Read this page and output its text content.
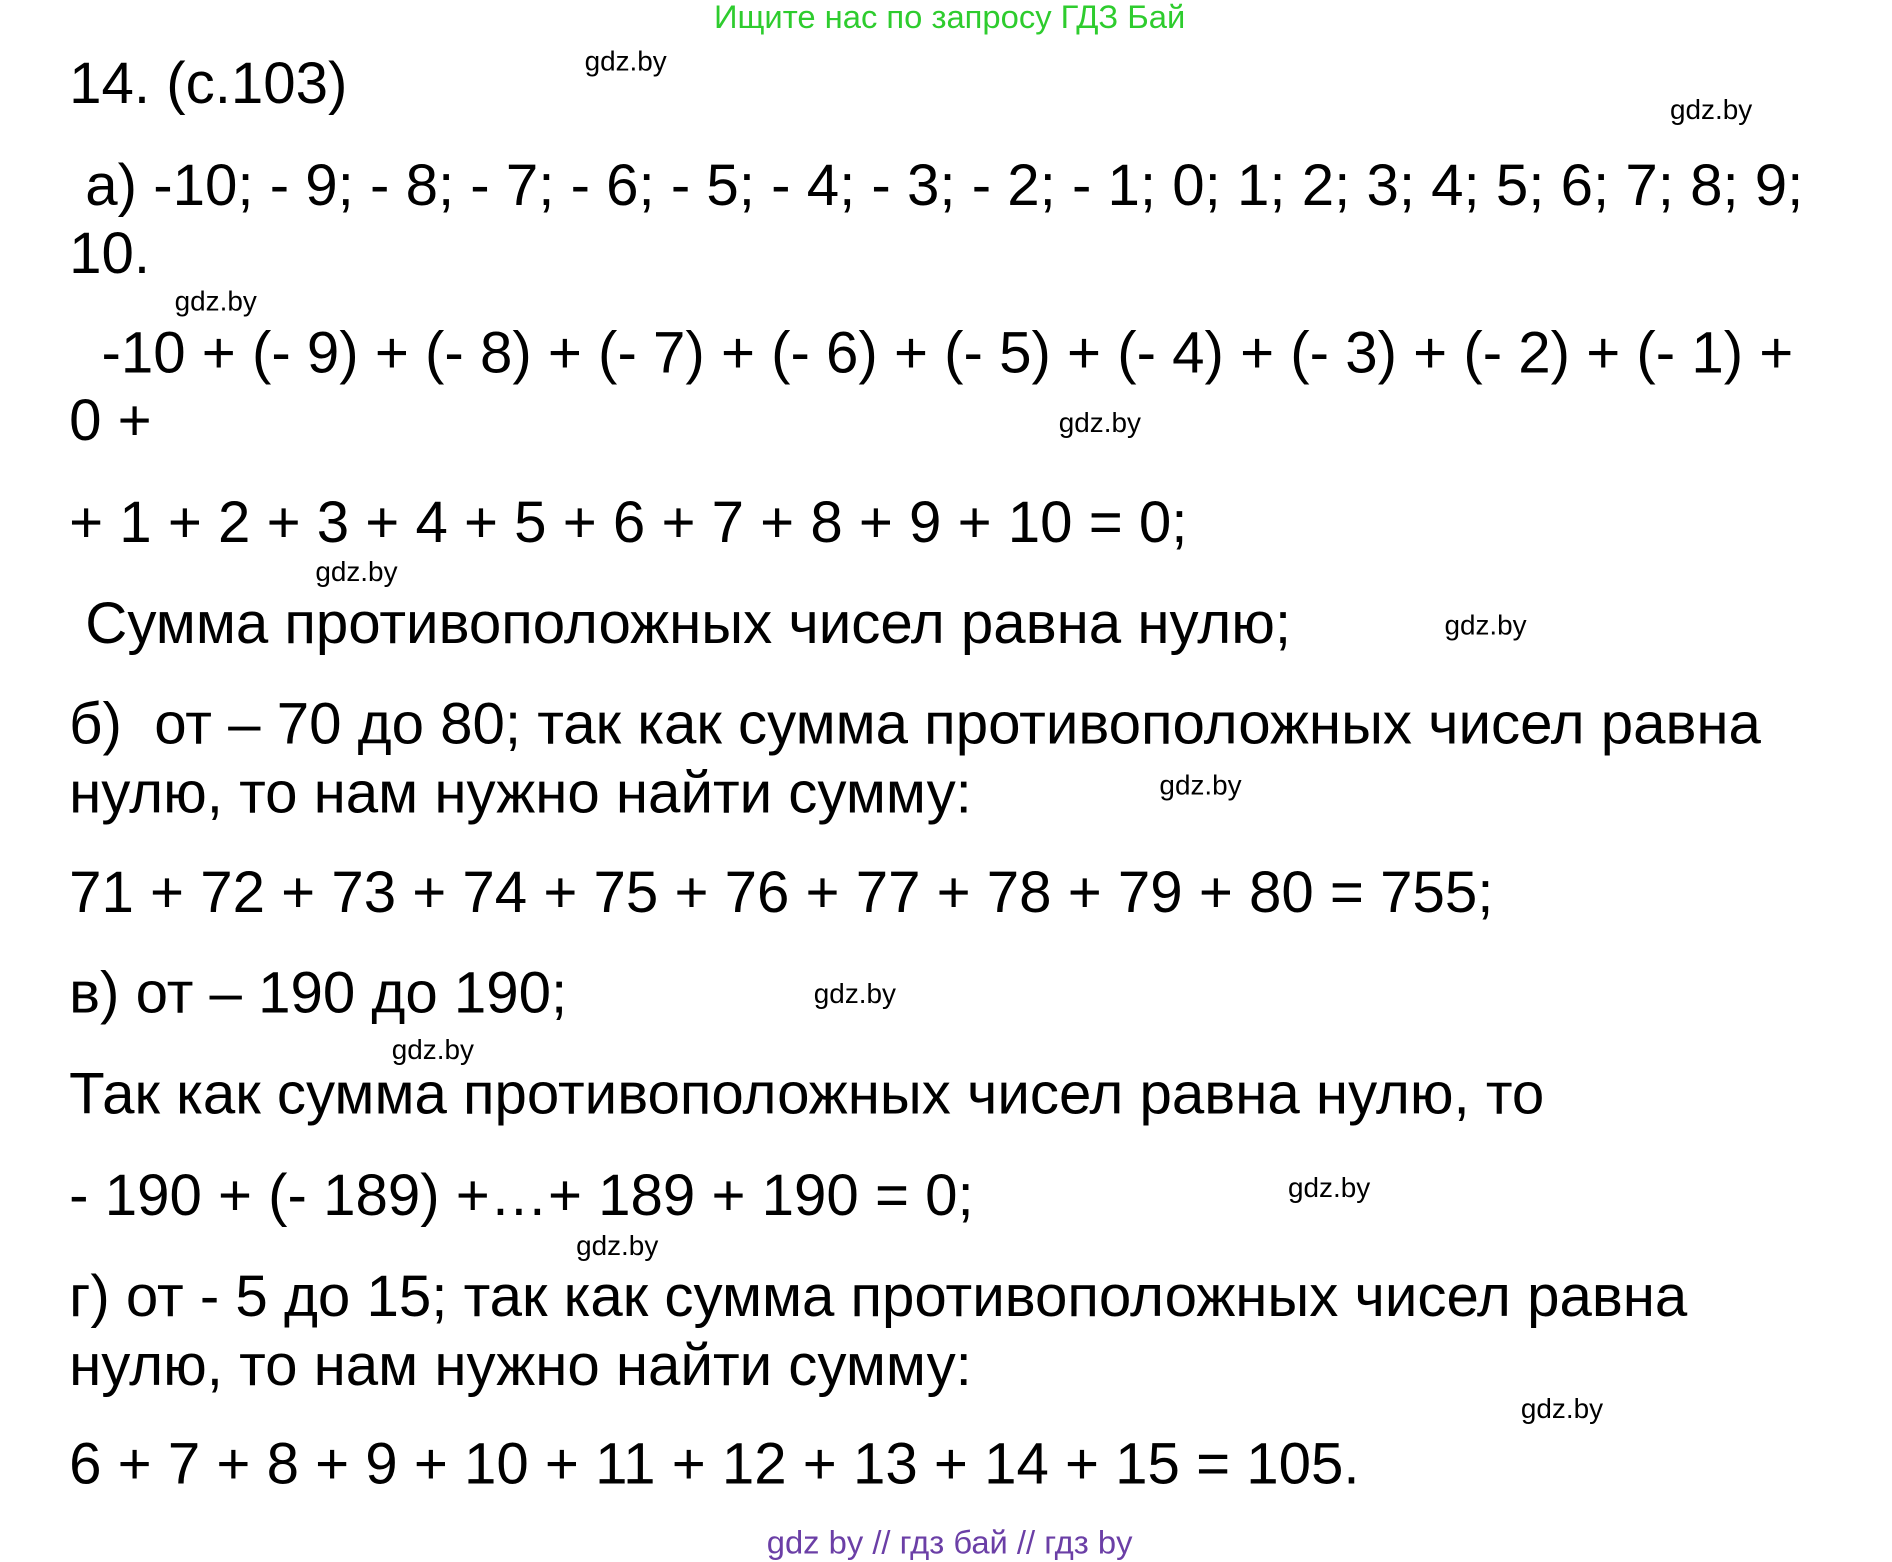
Ищите нас по запросу ГДЗ Бай
14. (с.103)
а) -10; - 9; - 8; - 7; - 6; - 5; - 4; - 3; - 2; - 1; 0; 1; 2; 3; 4; 5; 6; 7; 8; 9;
10.
-10 + (- 9) + (- 8) + (- 7) + (- 6) + (- 5) + (- 4) + (- 3) + (- 2) + (- 1) +
0 +
+ 1 + 2 + 3 + 4 + 5 + 6 + 7 + 8 + 9 + 10 = 0;
Сумма противоположных чисел равна нулю;
б)  от – 70 до 80; так как сумма противоположных чисел равна
нулю, то нам нужно найти сумму:
71 + 72 + 73 + 74 + 75 + 76 + 77 + 78 + 79 + 80 = 755;
в) от – 190 до 190;
Так как сумма противоположных чисел равна нулю, то
- 190 + (- 189) +…+ 189 + 190 = 0;
г) от - 5 до 15; так как сумма противоположных чисел равна
нулю, то нам нужно найти сумму:
6 + 7 + 8 + 9 + 10 + 11 + 12 + 13 + 14 + 15 = 105.
gdz.by
gdz.by
gdz.by
gdz.by
gdz.by
gdz.by
gdz.by
gdz.by
gdz.by
gdz.by
gdz.by
gdz.by
gdz by // гдз бай // гдз by
